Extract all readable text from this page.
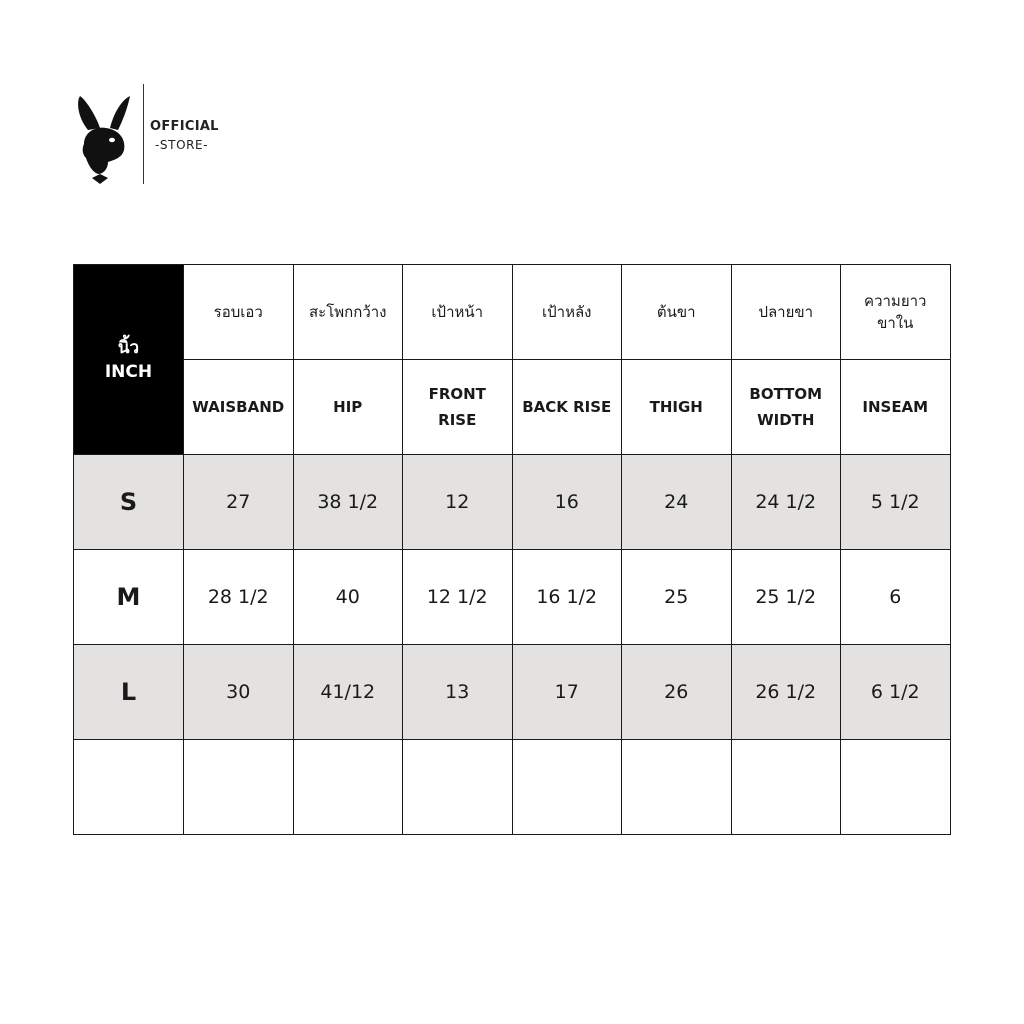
OFFICIAL
-STORE-
นิ้ว
INCH	รอบเอว	สะโพกกว้าง	เป้าหน้า	เป้าหลัง	ต้นขา	ปลายขา	ความยาว ขาใน
	WAISBAND	HIP	FRONT RISE	BACK RISE	THIGH	BOTTOM WIDTH	INSEAM
S	27	38 1/2	12	16	24	24 1/2	5 1/2
M	28 1/2	40	12 1/2	16 1/2	25	25 1/2	6
L	30	41/12	13	17	26	26 1/2	6 1/2
